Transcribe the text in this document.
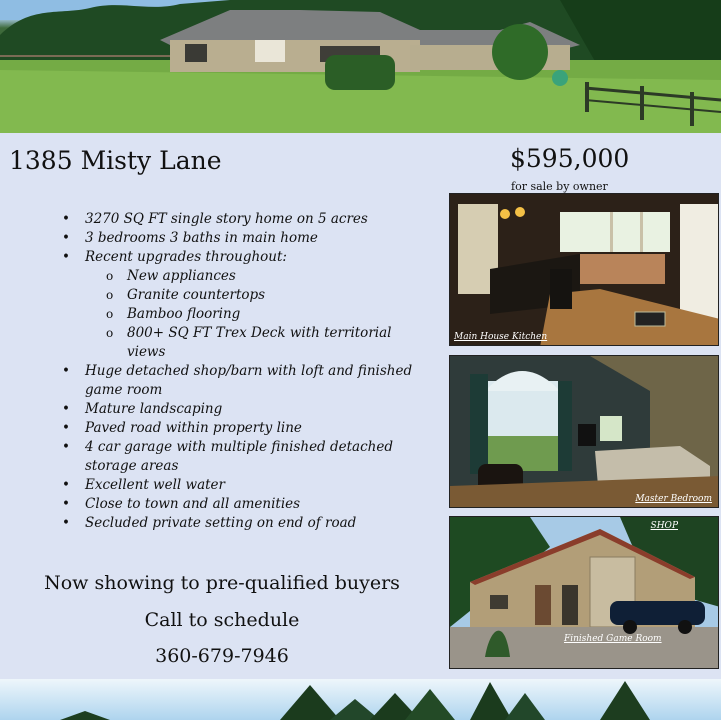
1385 Misty Lane	$595,000
for sale by owner
• 3270 SQ FT single story home on 5 acres
• 3 bedrooms 3 baths in main home
• Recent upgrades throughout:
o New appliances
o Granite countertops
o Bamboo flooring
o 800+ SQ FT Trex Deck with territorial views
• Huge detached shop/barn with loft and finished game room
• Mature landscaping
• Paved road within property line
• 4 car garage with multiple finished detached storage areas
• Excellent well water
• Close to town and all amenities
• Secluded private setting on end of road
Now showing to pre-qualified buyers
Call to schedule
360-679-7946
Main House Kitchen
Master Bedroom
SHOP
Finished Game Room
